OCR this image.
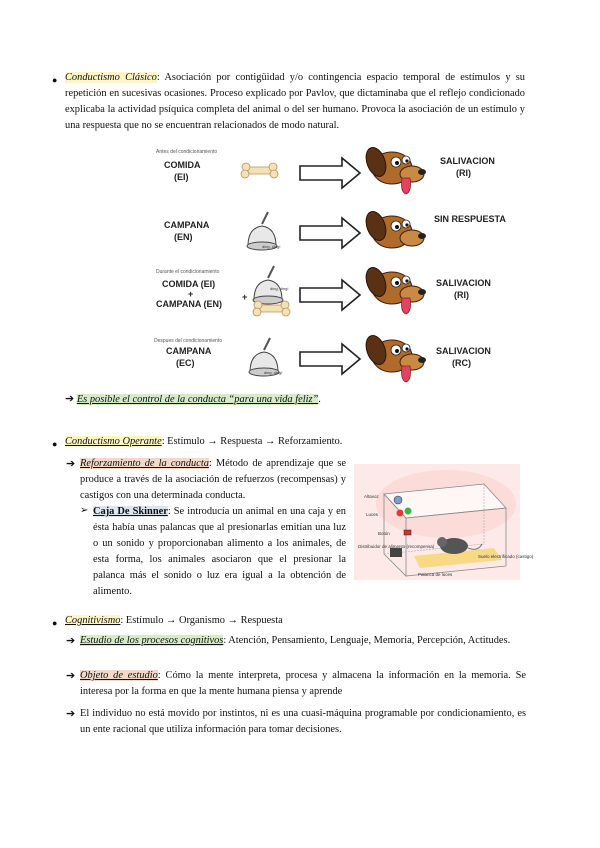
● Conductismo Clásico: Asociación por contigüidad y/o contingencia espacio temporal de estímulos y su repetición en sucesivas ocasiones. Proceso explicado por Pavlov, que dictaminaba que el reflejo condicionado explicaba la actividad psíquica completa del animal o del ser humano. Provoca la asociación de un estímulo y una respuesta que no se encuentran relacionados de modo natural.

Antes del condicionamiento
COMIDA
(EI)
SALIVACION
(RI)
CAMPANA
(EN)
ding, ding!
SIN RESPUESTA
Durante el condicionamiento
COMIDA (EI)
+
CAMPANA (EN)
ding, ding!
+
SALIVACION
(RI)
Despues del condicionamiento
CAMPANA
(EC)
ding, ding!
SALIVACION
(RC)

➔ Es posible el control de la conducta “para una vida feliz”.

● Conductismo Operante: Estímulo → Respuesta → Reforzamiento.

➔ Reforzamiento de la conducta: Método de aprendizaje que se produce a través de la asociación de refuerzos (recompensas) y castigos con una determinada conducta.

➢ Caja De Skinner: Se introducía un animal en una caja y en ésta había unas palancas que al presionarlas emitían una luz o un sonido y proporcionaban alimento a los animales, de esta forma, los animales asociaron que el presionar la palanca más el sonido o luz era igual a la obtención de alimento.

Altavoz
Luces
Botón
Distribuidor de alimento (recompensa)
Suelo electrificado (castigo)
Palanca de luces
● Cognitivismo: Estímulo → Organismo → Respuesta

➔ Estudio de los procesos cognitivos: Atención, Pensamiento, Lenguaje, Memoria, Percepción, Actitudes.

➔ Objeto de estudio: Cómo la mente interpreta, procesa y almacena la información en la memoria. Se interesa por la forma en que la mente humana piensa y aprende

➔ El individuo no está movido por instintos, ni es una cuasi-máquina programable por condicionamiento, es un ente racional que utiliza información para tomar decisiones.
